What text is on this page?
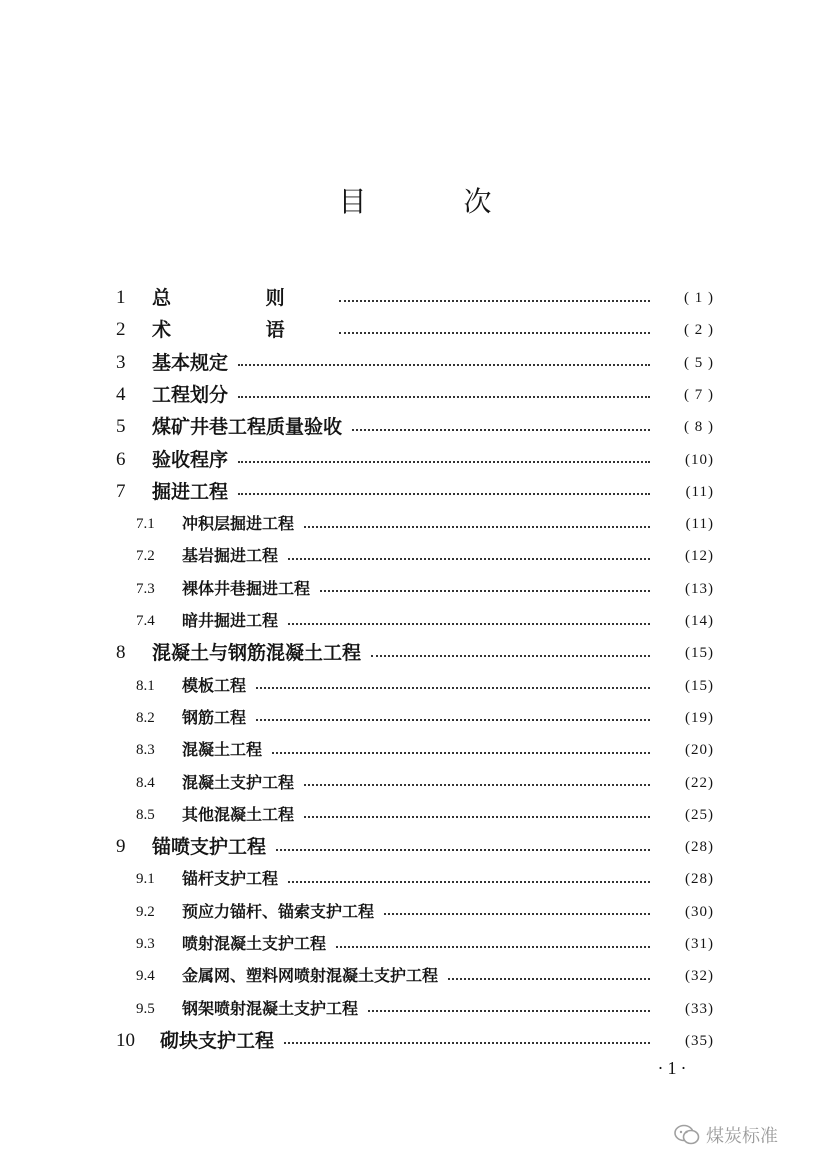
目 次
1	总 则	( 1 )
2	术 语	( 2 )
3	基本规定	( 5 )
4	工程划分	( 7 )
5	煤矿井巷工程质量验收	( 8 )
6	验收程序	(10)
7	掘进工程	(11)
7.1	冲积层掘进工程	(11)
7.2	基岩掘进工程	(12)
7.3	裸体井巷掘进工程	(13)
7.4	暗井掘进工程	(14)
8	混凝土与钢筋混凝土工程	(15)
8.1	模板工程	(15)
8.2	钢筋工程	(19)
8.3	混凝土工程	(20)
8.4	混凝土支护工程	(22)
8.5	其他混凝土工程	(25)
9	锚喷支护工程	(28)
9.1	锚杆支护工程	(28)
9.2	预应力锚杆、锚索支护工程	(30)
9.3	喷射混凝土支护工程	(31)
9.4	金属网、塑料网喷射混凝土支护工程	(32)
9.5	钢架喷射混凝土支护工程	(33)
10	砌块支护工程	(35)
·1·
煤炭标准
